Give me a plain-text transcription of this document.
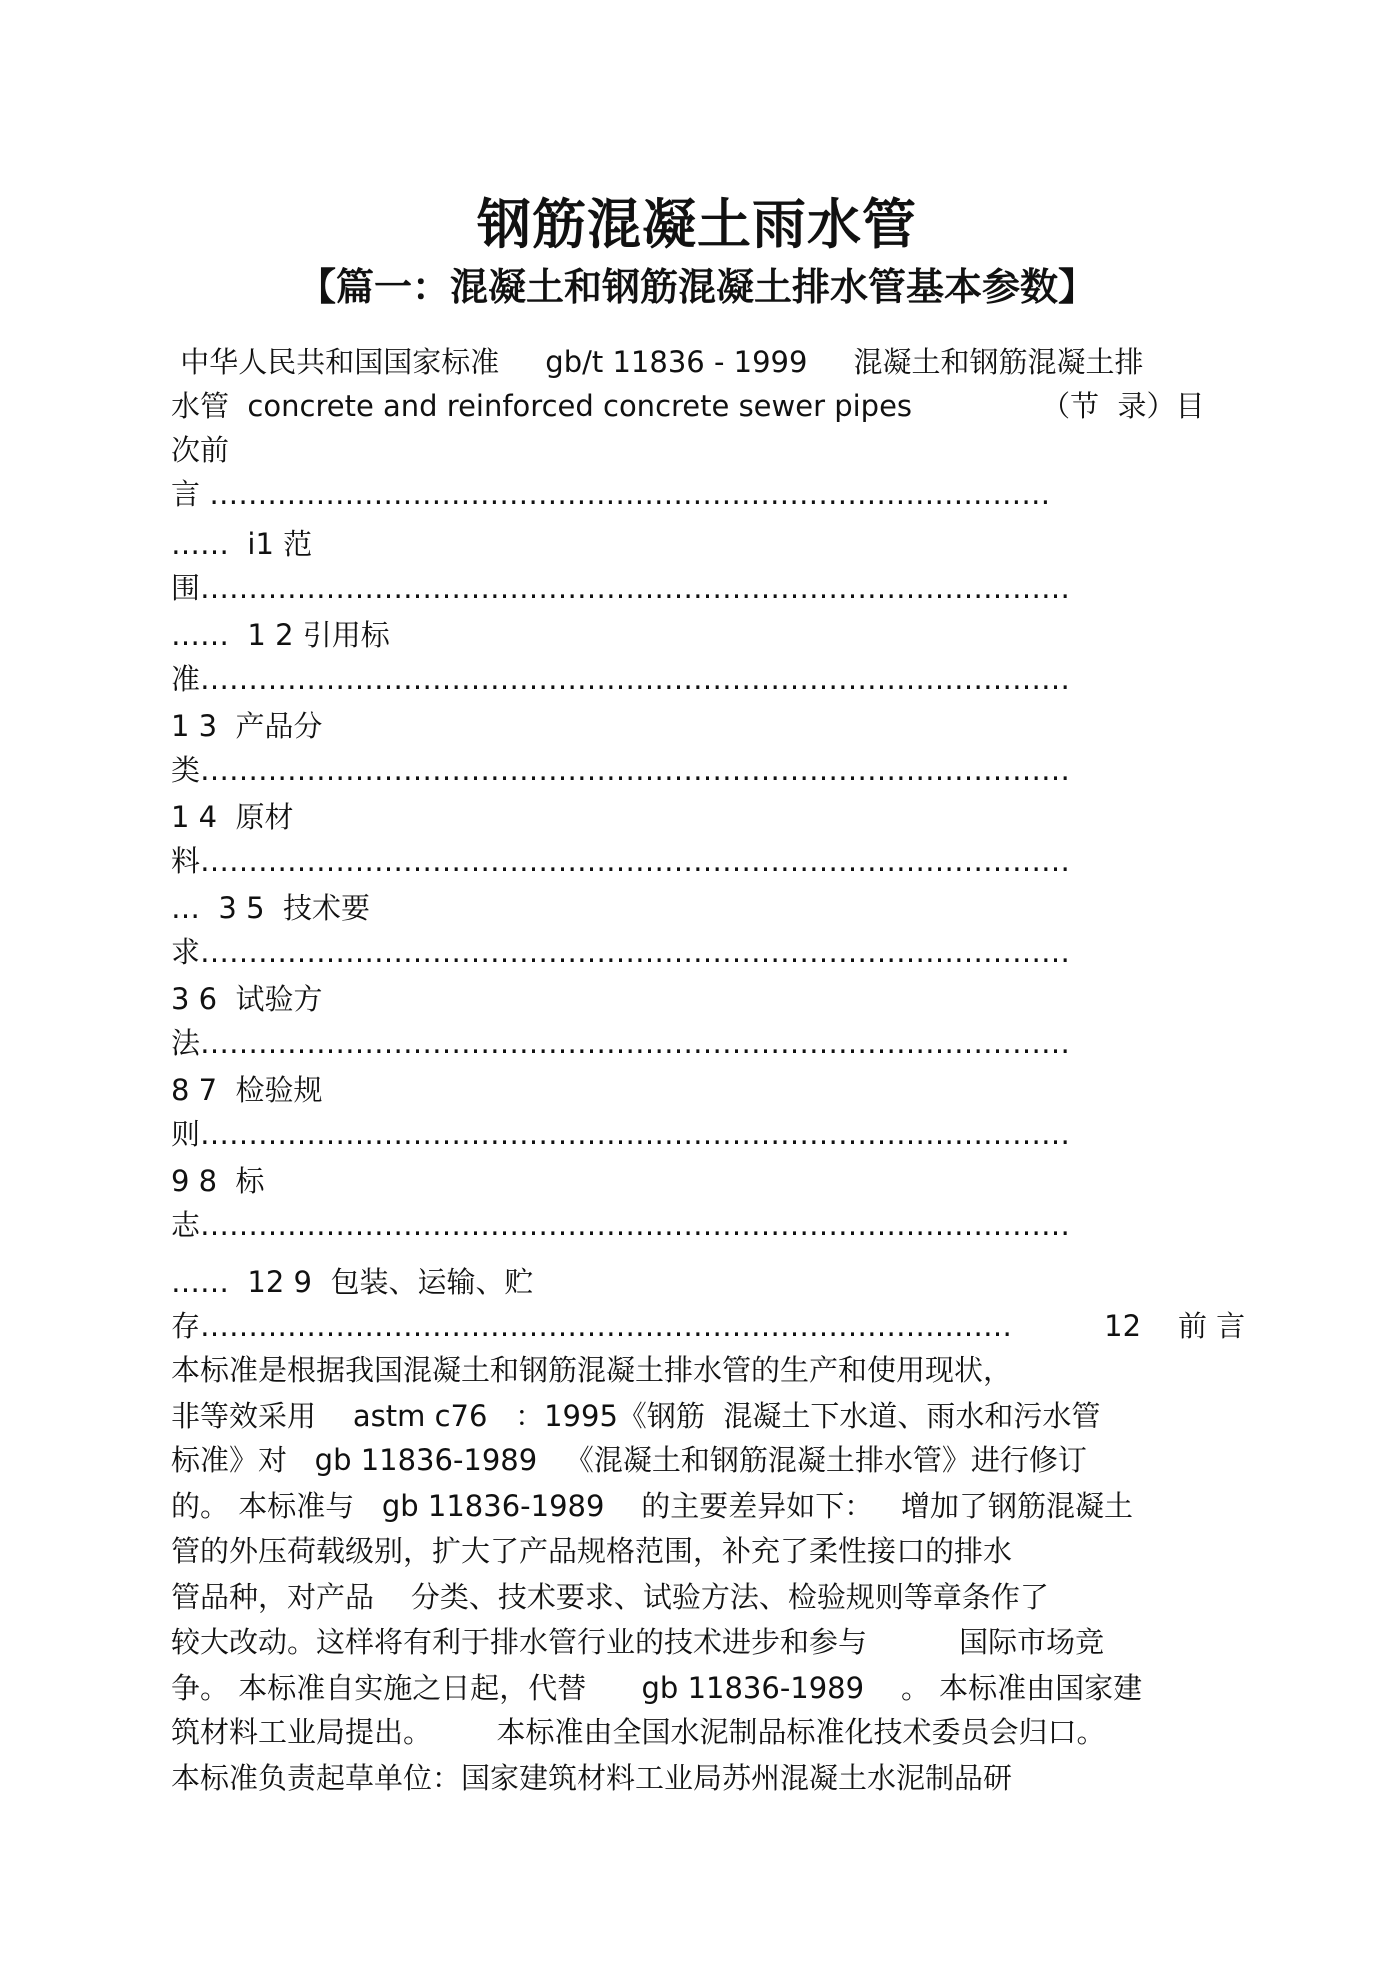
钢筋混凝土雨水管
【篇一：混凝土和钢筋混凝土排水管基本参数】

中华人民共和国国家标准     gb/t 11836 - 1999     混凝土和钢筋混凝土排

水管  concrete and reinforced concrete sewer pipes              （节  录）目

次前

言 ……………………………………………………………………………

……  i1 范

围………………………………………………………………………………

……  1 2 引用标

准………………………………………………………………………………

1 3  产品分

类………………………………………………………………………………

1 4  原材

料………………………………………………………………………………

…  3 5  技术要

求………………………………………………………………………………

3 6  试验方

法………………………………………………………………………………

8 7  检验规

则………………………………………………………………………………

9 8  标

志………………………………………………………………………………

……  12 9  包装、运输、贮

存…………………………………………………………………………          12    前 言

本标准是根据我国混凝土和钢筋混凝土排水管的生产和使用现状，

非等效采用    astm c76   ：1995《钢筋  混凝土下水道、雨水和污水管

标准》对   gb 11836-1989   《混凝土和钢筋混凝土排水管》进行修订

的。 本标准与   gb 11836-1989    的主要差异如下：   增加了钢筋混凝土

管的外压荷载级别，扩大了产品规格范围，补充了柔性接口的排水

管品种，对产品    分类、技术要求、试验方法、检验规则等章条作了

较大改动。这样将有利于排水管行业的技术进步和参与          国际市场竞

争。 本标准自实施之日起，代替      gb 11836-1989    。 本标准由国家建

筑材料工业局提出。       本标准由全国水泥制品标准化技术委员会归口。

本标准负责起草单位：国家建筑材料工业局苏州混凝土水泥制品研
